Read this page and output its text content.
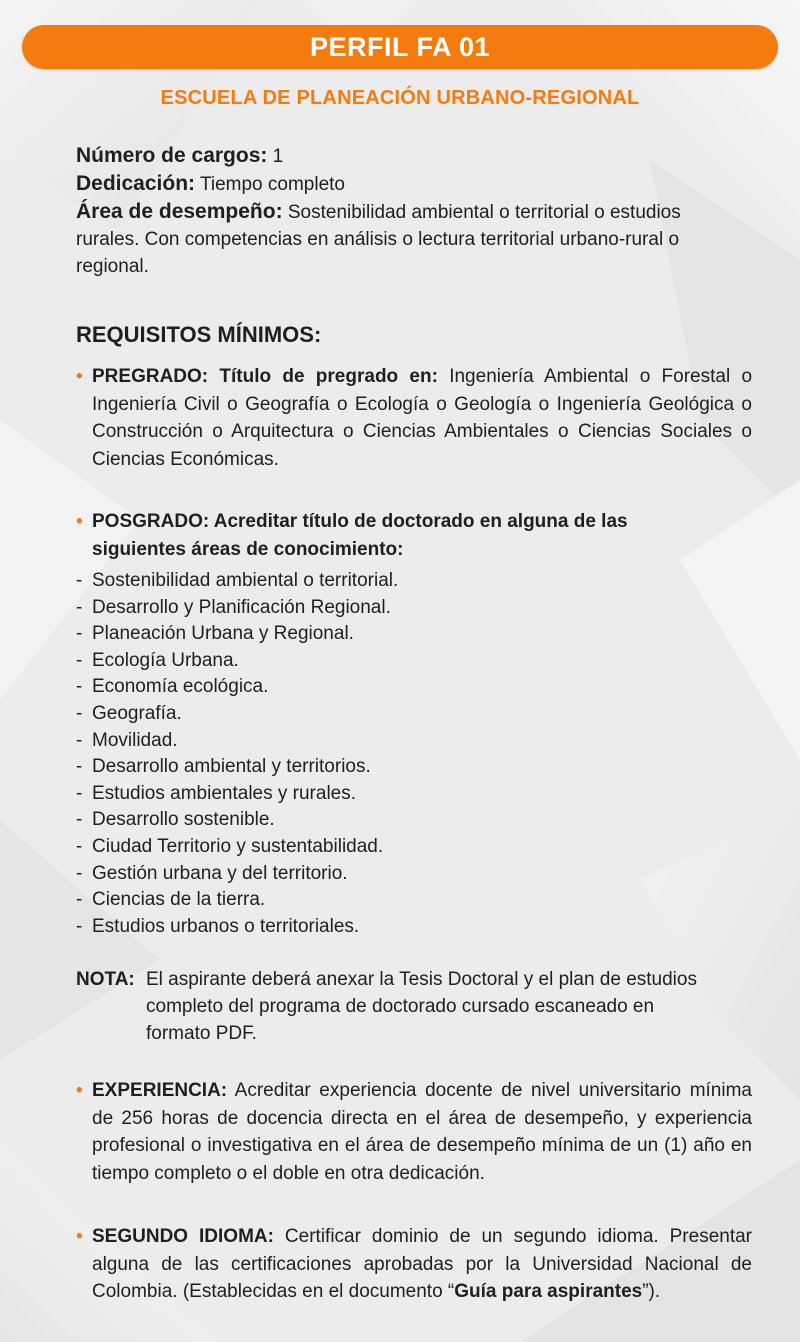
PERFIL FA 01
ESCUELA DE PLANEACIÓN URBANO-REGIONAL

Número de cargos: 1

Dedicación: Tiempo completo

Área de desempeño: Sostenibilidad ambiental o territorial o estudios rurales. Con competencias en análisis o lectura territorial urbano-rural o regional.

REQUISITOS MÍNIMOS:
• PREGRADO: Título de pregrado en: Ingeniería Ambiental o Forestal o Ingeniería Civil o Geografía o Ecología o Geología o Ingeniería Geológica o Construcción o Arquitectura o Ciencias Ambientales o Ciencias Sociales o Ciencias Económicas.
• POSGRADO: Acreditar título de doctorado en alguna de las siguientes áreas de conocimiento:
- Sostenibilidad ambiental o territorial.
- Desarrollo y Planificación Regional.
- Planeación Urbana y Regional.
- Ecología Urbana.
- Economía ecológica.
- Geografía.
- Movilidad.
- Desarrollo ambiental y territorios.
- Estudios ambientales y rurales.
- Desarrollo sostenible.
- Ciudad Territorio y sustentabilidad.
- Gestión urbana y del territorio.
- Ciencias de la tierra.
- Estudios urbanos o territoriales.
NOTA: El aspirante deberá anexar la Tesis Doctoral y el plan de estudios completo del programa de doctorado cursado escaneado en formato PDF.
• EXPERIENCIA: Acreditar experiencia docente de nivel universitario mínima de 256 horas de docencia directa en el área de desempeño, y experiencia profesional o investigativa en el área de desempeño mínima de un (1) año en tiempo completo o el doble en otra dedicación.
• SEGUNDO IDIOMA: Certificar dominio de un segundo idioma. Presentar alguna de las certificaciones aprobadas por la Universidad Nacional de Colombia. (Establecidas en el documento “Guía para aspirantes”).
